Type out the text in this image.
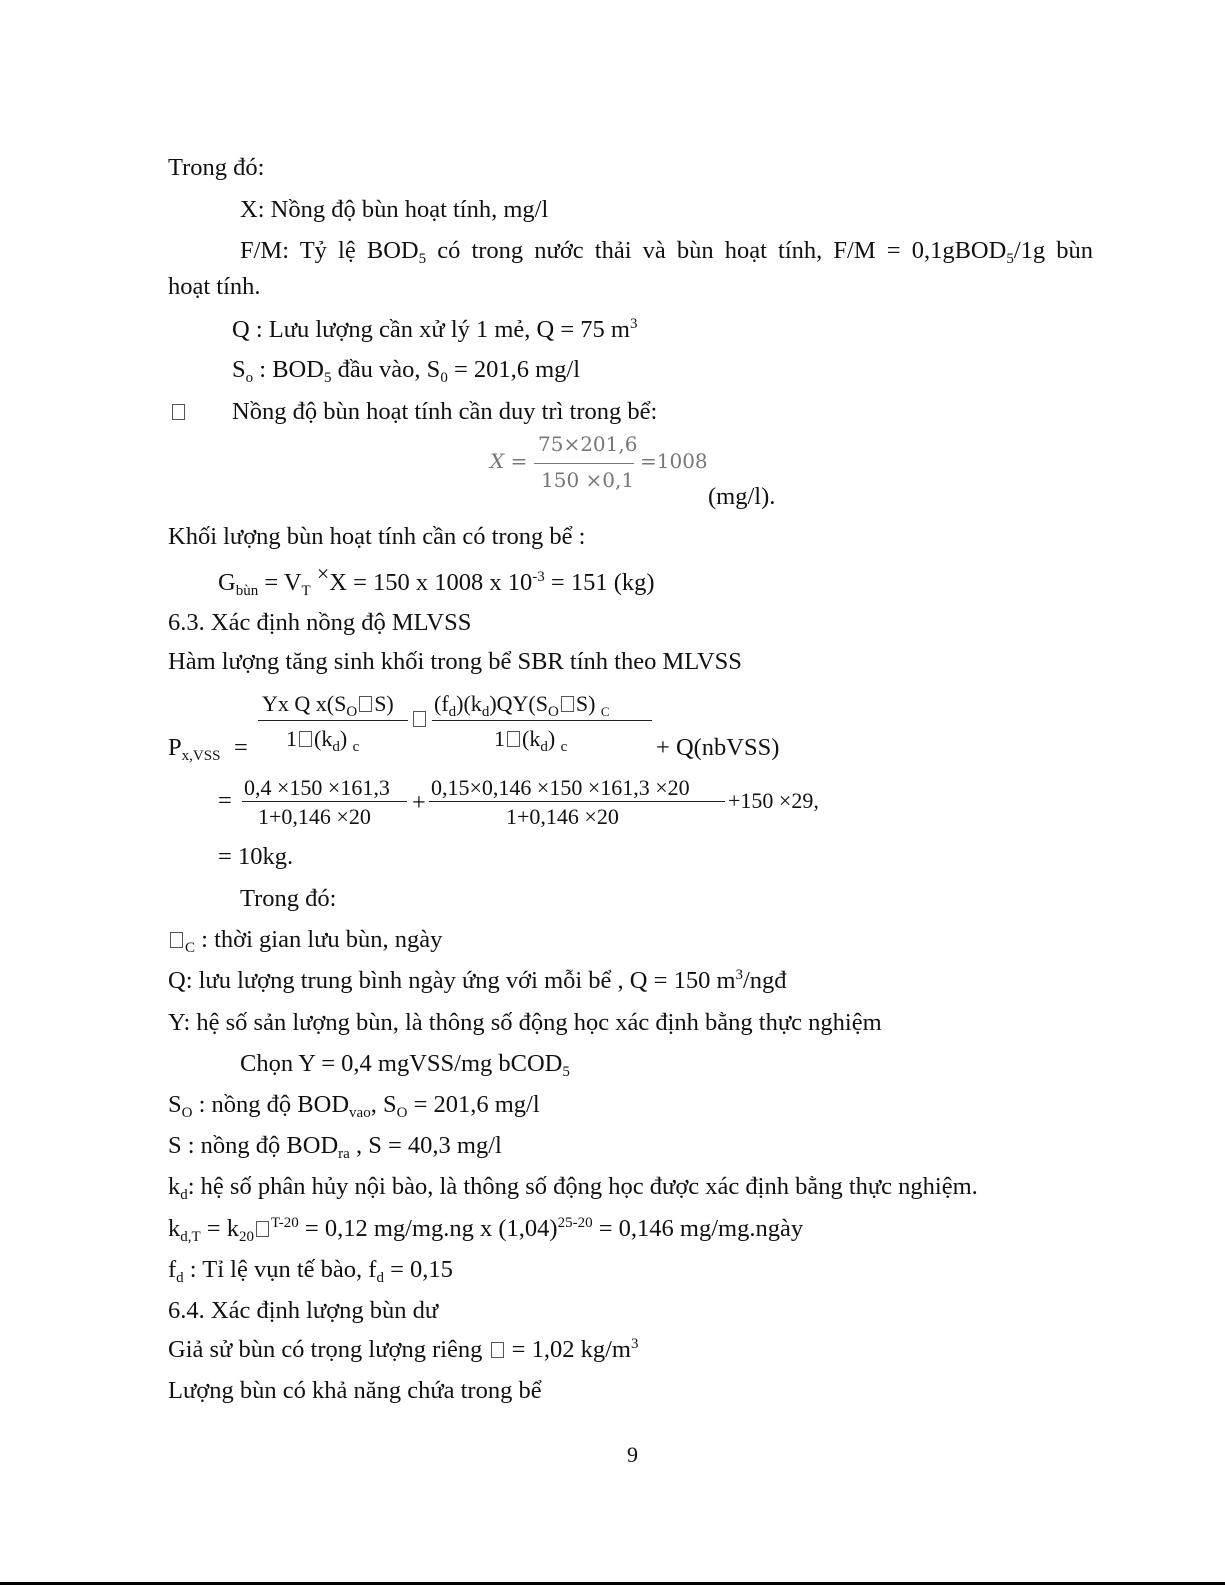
Trong đó:
X: Nồng độ bùn hoạt tính, mg/l
F/M: Tỷ lệ $BOD_5$ có trong nước thải và bùn hoạt tính, F/M = 0,1gBOD$_5$/1g bùn
hoạt tính.
Q : Lưu lượng cần xử lý 1 mẻ, Q = 75 $m^3$
$S_o$ : $BOD_5$ đầu vào, $S_0 = 201,6$ mg/l
Nồng độ bùn hoạt tính cần duy trì trong bể:
X =
75×201,6
150 ×0,1
=1008
(mg/l).
Khối lượng bùn hoạt tính cần có trong bể :
$G_{bùn} = V_T \times X = 150$ x 1008 x $10^{-3} = 151$ (kg)
6.3. Xác định nồng độ MLVSS
Hàm lượng tăng sinh khối trong bể SBR tính theo MLVSS
Yx Q $x(S_O$ S)
1 $(k_d)$ $_c$
$(f_d)(k_d)QY(S_O$ S) $_C$
1 $(k_d)$ $_c$
$P_{x,VSS}$ =	+ Q(nbVSS)
= 0,4 ×150 ×161,3
1+0,146 ×20
+
0,15×0,146 ×150 ×161,3 ×20
1+0,146 ×20
+150 ×29,
= 10kg.
Trong đó:
$_C$ : thời gian lưu bùn, ngày
Q: lưu lượng trung bình ngày ứng với mỗi bể , Q = 150 $m^3$/ngđ
Y: hệ số sản lượng bùn, là thông số động học xác định bằng thực nghiệm
Chọn Y = 0,4 mgVSS/mg bCOD$_5$
$S_O$ : nồng độ $BOD_{vao}$, $S_O = 201,6$ mg/l
S : nồng độ $BOD_{ra}$ , S = 40,3 mg/l
$k_d$: hệ số phân hủy nội bào, là thông số động học được xác định bằng thực nghiệm.
$k_{d,T} = k_{20}^{T-20} = 0,12$ mg/mg.ng x $(1,04)^{25-20} = 0,146$ mg/mg.ngày
$f_d$ : Tỉ lệ vụn tế bào, $f_d = 0,15$
6.4. Xác định lượng bùn dư
Giả sử bùn có trọng lượng riêng  = 1,02 $kg/m^3$
Lượng bùn có khả năng chứa trong bể
9
